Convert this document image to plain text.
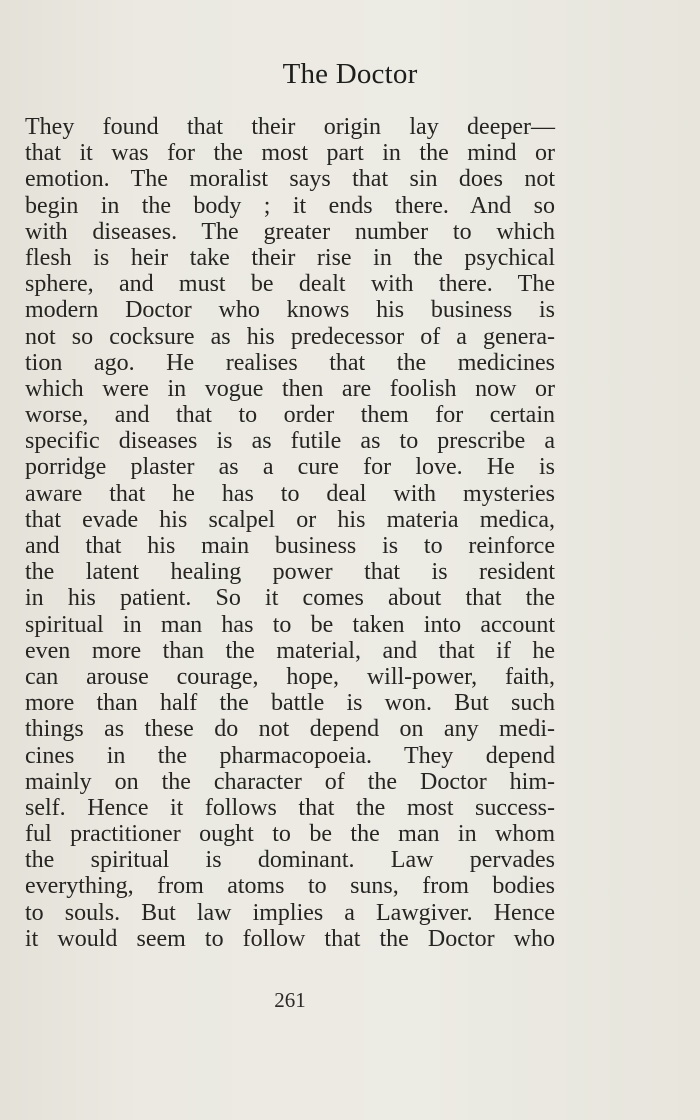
The Doctor
They found that their origin lay deeper—
that it was for the most part in the mind or
emotion. The moralist says that sin does not
begin in the body ; it ends there. And so
with diseases. The greater number to which
flesh is heir take their rise in the psychical
sphere, and must be dealt with there. The
modern Doctor who knows his business is
not so cocksure as his predecessor of a genera-
tion ago. He realises that the medicines
which were in vogue then are foolish now or
worse, and that to order them for certain
specific diseases is as futile as to prescribe a
porridge plaster as a cure for love. He is
aware that he has to deal with mysteries
that evade his scalpel or his materia medica,
and that his main business is to reinforce
the latent healing power that is resident
in his patient. So it comes about that the
spiritual in man has to be taken into account
even more than the material, and that if he
can arouse courage, hope, will-power, faith,
more than half the battle is won. But such
things as these do not depend on any medi-
cines in the pharmacopoeia. They depend
mainly on the character of the Doctor him-
self. Hence it follows that the most success-
ful practitioner ought to be the man in whom
the spiritual is dominant. Law pervades
everything, from atoms to suns, from bodies
to souls. But law implies a Lawgiver. Hence
it would seem to follow that the Doctor who
261
